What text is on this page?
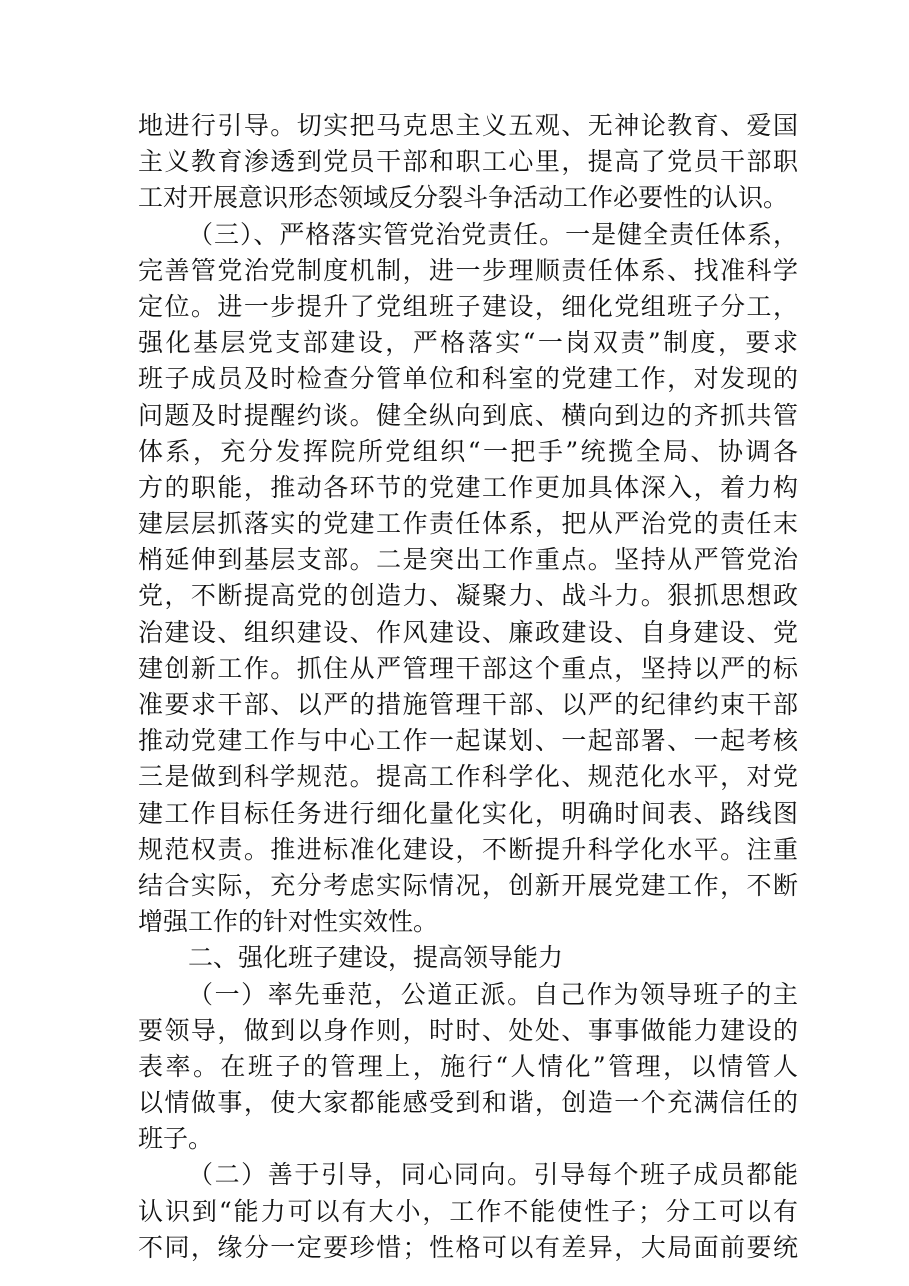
地进行引导。切实把马克思主义五观、无神论教育、爱国
主义教育渗透到党员干部和职工心里，提高了党员干部职
工对开展意识形态领域反分裂斗争活动工作必要性的认识。
（三）、严格落实管党治党责任。一是健全责任体系，
完善管党治党制度机制，进一步理顺责任体系、找准科学
定位。进一步提升了党组班子建设，细化党组班子分工，
强化基层党支部建设，严格落实“一岗双责”制度，要求
班子成员及时检查分管单位和科室的党建工作，对发现的
问题及时提醒约谈。健全纵向到底、横向到边的齐抓共管
体系，充分发挥院所党组织“一把手”统揽全局、协调各
方的职能，推动各环节的党建工作更加具体深入，着力构
建层层抓落实的党建工作责任体系，把从严治党的责任末
梢延伸到基层支部。二是突出工作重点。坚持从严管党治
党，不断提高党的创造力、凝聚力、战斗力。狠抓思想政
治建设、组织建设、作风建设、廉政建设、自身建设、党
建创新工作。抓住从严管理干部这个重点，坚持以严的标
准要求干部、以严的措施管理干部、以严的纪律约束干部
推动党建工作与中心工作一起谋划、一起部署、一起考核
三是做到科学规范。提高工作科学化、规范化水平，对党
建工作目标任务进行细化量化实化，明确时间表、路线图
规范权责。推进标准化建设，不断提升科学化水平。注重
结合实际，充分考虑实际情况，创新开展党建工作，不断
增强工作的针对性实效性。
二、强化班子建设，提高领导能力
（一）率先垂范，公道正派。自己作为领导班子的主
要领导，做到以身作则，时时、处处、事事做能力建设的
表率。在班子的管理上，施行“人情化”管理，以情管人
以情做事，使大家都能感受到和谐，创造一个充满信任的
班子。
（二）善于引导，同心同向。引导每个班子成员都能
认识到“能力可以有大小，工作不能使性子；分工可以有
不同，缘分一定要珍惜；性格可以有差异，大局面前要统
